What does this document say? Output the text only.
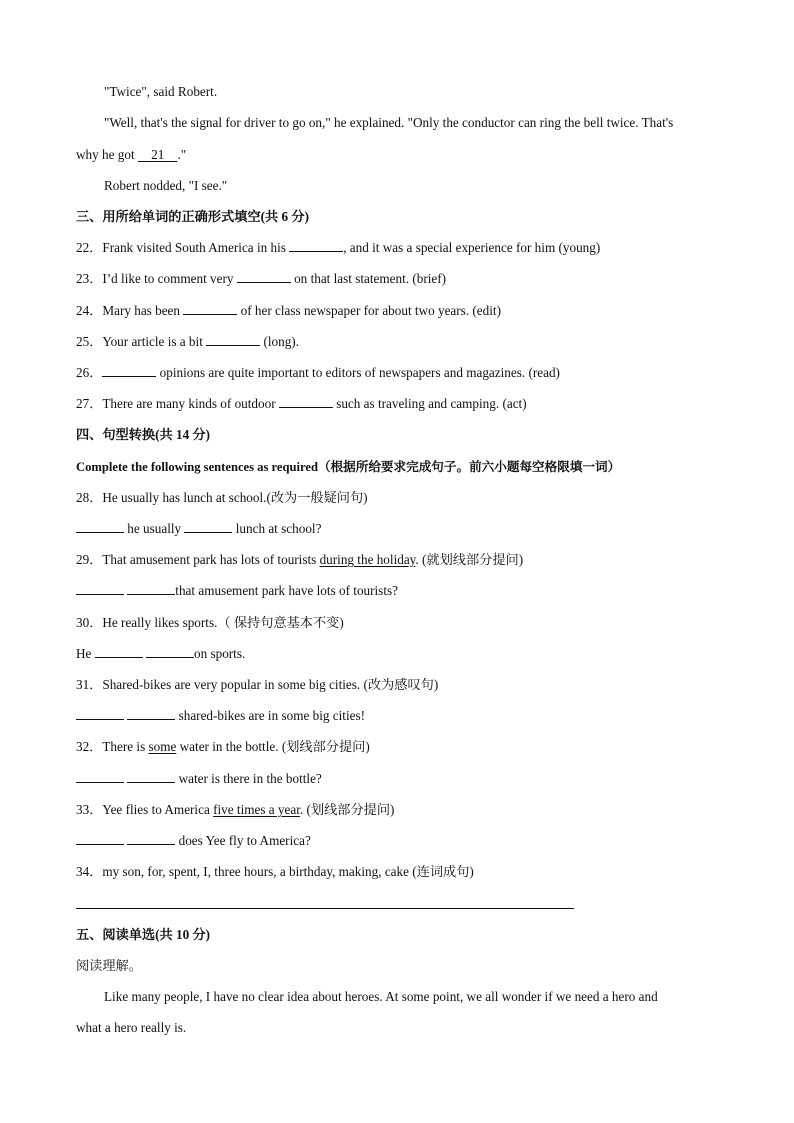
"Twice", said Robert.
"Well, that's the signal for driver to go on," he explained. "Only the conductor can ring the bell twice. That's
why he got     21 ."
Robert nodded, "I see."
三、用所给单词的正确形式填空(共 6 分)
22．Frank visited South America in his	, and it was a special experience for him (young)
23．I’d like to comment very	on that last statement. (brief)
24．Mary has been	of her class newspaper for about two years. (edit)
25．Your article is a bit	(long).
26．	opinions are quite important to editors of newspapers and magazines. (read)
27．There are many kinds of outdoor	such as traveling and camping. (act)
四、句型转换(共 14 分)
Complete the following sentences as required（根据所给要求完成句子。前六小题每空格限填一词）
28．He usually has lunch at school.(改为一般疑问句)
he usually	lunch at school?
29．That amusement park has lots of tourists during the holiday. (就划线部分提问)
that amusement park have lots of tourists?
30．He really likes sports.（ 保持句意基本不变)
He	on sports.
31．Shared-bikes are very popular in some big cities. (改为感叹句)
shared-bikes are in some big cities!
32．There is some water in the bottle. (划线部分提问)
water is there in the bottle?
33．Yee flies to America five times a year. (划线部分提问)
does Yee fly to America?
34．my son, for, spent, I, three hours, a birthday, making, cake (连词成句)
五、阅读单选(共 10 分)
阅读理解。
Like many people, I have no clear idea about heroes. At some point, we all wonder if we need a hero and
what a hero really is.
